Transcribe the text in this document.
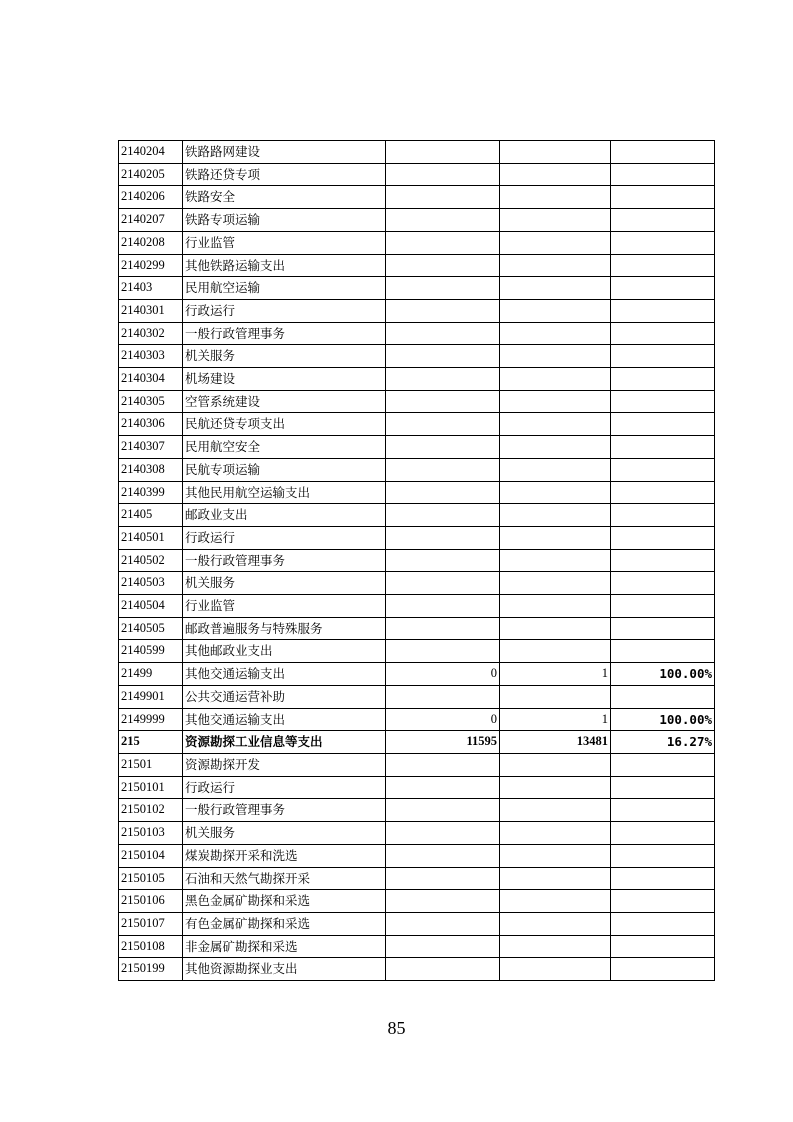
2140204	铁路路网建设			
2140205	铁路还贷专项			
2140206	铁路安全			
2140207	铁路专项运输			
2140208	行业监管			
2140299	其他铁路运输支出			
21403	民用航空运输			
2140301	行政运行			
2140302	一般行政管理事务			
2140303	机关服务			
2140304	机场建设			
2140305	空管系统建设			
2140306	民航还贷专项支出			
2140307	民用航空安全			
2140308	民航专项运输			
2140399	其他民用航空运输支出			
21405	邮政业支出			
2140501	行政运行			
2140502	一般行政管理事务			
2140503	机关服务			
2140504	行业监管			
2140505	邮政普遍服务与特殊服务			
2140599	其他邮政业支出			
21499	其他交通运输支出	0	1	100.00%
2149901	公共交通运营补助			
2149999	其他交通运输支出	0	1	100.00%
215	资源勘探工业信息等支出	11595	13481	16.27%
21501	资源勘探开发			
2150101	行政运行			
2150102	一般行政管理事务			
2150103	机关服务			
2150104	煤炭勘探开采和洗选			
2150105	石油和天然气勘探开采			
2150106	黑色金属矿勘探和采选			
2150107	有色金属矿勘探和采选			
2150108	非金属矿勘探和采选			
2150199	其他资源勘探业支出			
85
